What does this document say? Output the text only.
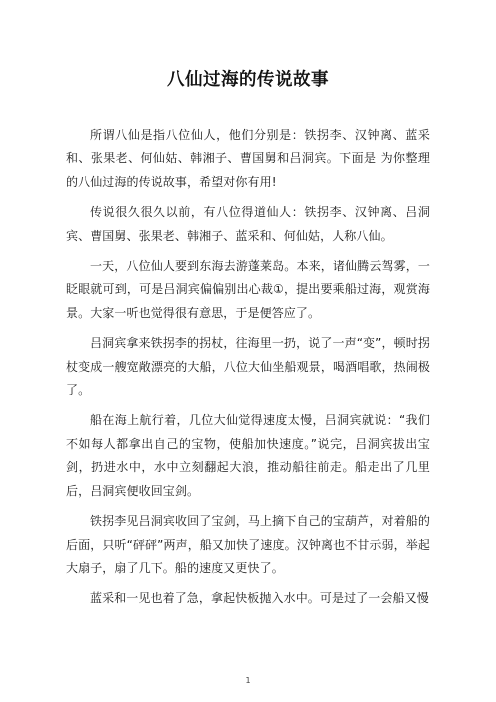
八仙过海的传说故事

所谓八仙是指八位仙人，他们分别是：铁拐李、汉钟离、蓝采和、张果老、何仙姑、韩湘子、曹国舅和吕洞宾。下面是 为你整理的八仙过海的传说故事，希望对你有用!

传说很久很久以前，有八位得道仙人：铁拐李、汉钟离、吕洞宾、曹国舅、张果老、韩湘子、蓝采和、何仙姑，人称八仙。

一天，八位仙人要到东海去游蓬莱岛。本来，诸仙腾云驾雾，一眨眼就可到，可是吕洞宾偏偏别出心裁①，提出要乘船过海，观赏海景。大家一听也觉得很有意思，于是便答应了。

吕洞宾拿来铁拐李的拐杖，往海里一扔，说了一声“变”，顿时拐杖变成一艘宽敞漂亮的大船，八位大仙坐船观景，喝酒唱歌，热闹极了。

船在海上航行着，几位大仙觉得速度太慢，吕洞宾就说：“我们不如每人都拿出自己的宝物，使船加快速度。”说完，吕洞宾拔出宝剑，扔进水中，水中立刻翻起大浪，推动船往前走。船走出了几里后，吕洞宾便收回宝剑。

铁拐李见吕洞宾收回了宝剑，马上摘下自己的宝葫芦，对着船的后面，只听“砰砰”两声，船又加快了速度。汉钟离也不甘示弱，举起大扇子，扇了几下。船的速度又更快了。

蓝采和一见也着了急，拿起快板抛入水中。可是过了一会船又慢

1
